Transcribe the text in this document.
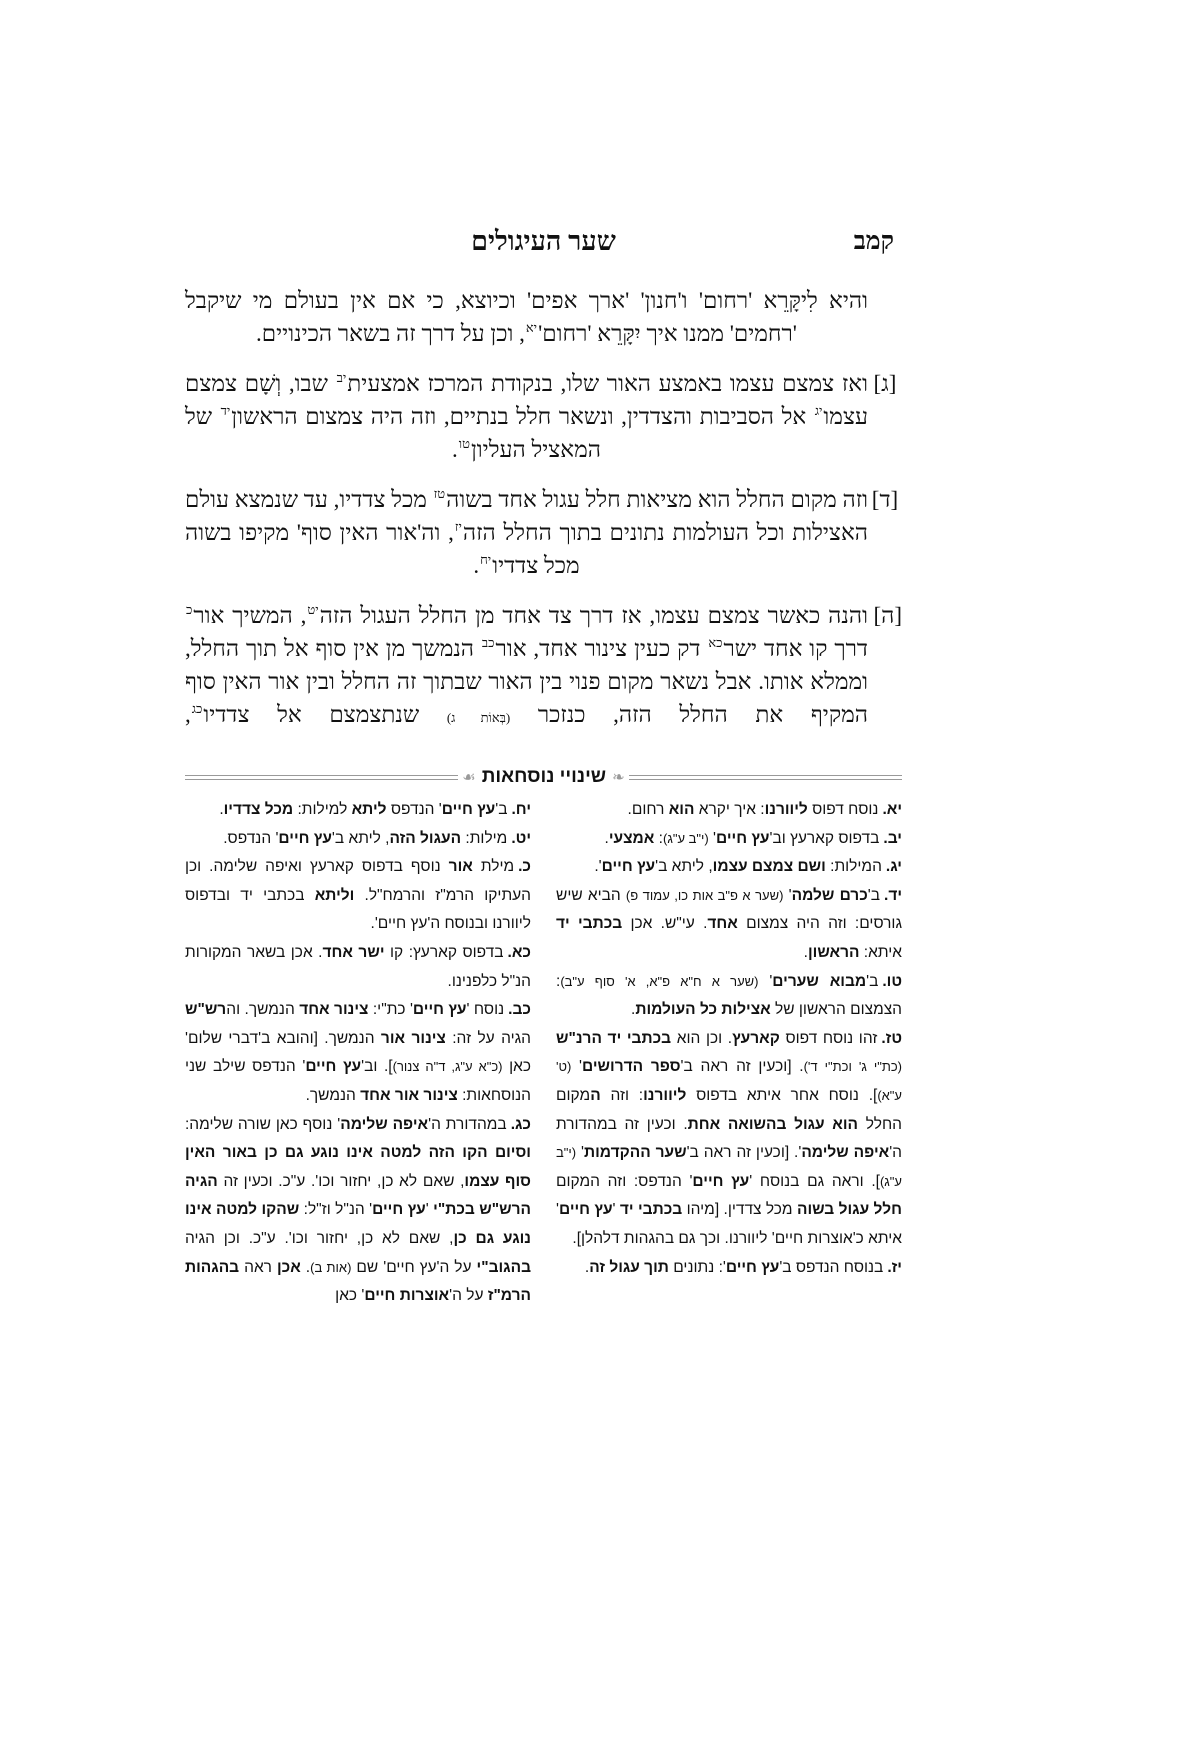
קמב
שער העיגולים

והיא לִיקָּרֵא 'רחום' ו'חנון' 'ארך אפים' וכיוצא, כי אם אין בעולם מי שיקבל 'רחמים' ממנו איך יִקָּרֵא '$רחום'^{יא}$, וכן על דרך זה בשאר הכינויים.

[ג]ואז צמצם עצמו באמצע האור שלו, בנקודת המרכז אמצעית$^{יב}$ שבו, וְשָׁם צמצם עצמו$^{יג}$ אל הסביבות והצדדין, ונשאר חלל בנתיים, וזה היה צמצום הראשון$^{יד}$ של המאציל העליון$^{טו}$.

[ד]וזה מקום החלל הוא מציאות חלל עגול אחד בשוה$^{טז}$ מכל צדדיו, עד שנמצא עולם האצילות וכל העולמות נתונים בתוך החלל הזה$^{יז}$, וה'אור האין סוף' מקיפו בשוה מכל צדדיו$^{יח}$.

[ה]והנה כאשר צמצם עצמו, אז דרך צד אחד מן החלל העגול הזה$^{יט}$, המשיך אור$^כ$ דרך קו אחד ישר$^{כא}$ דק כעין צינור אחד, אור$^{כב}$ הנמשך מן אין סוף אל תוך החלל, וממלא אותו. אבל נשאר מקום פנוי בין האור שבתוך זה החלל ובין אור האין סוף המקיף את החלל הזה, כנזכר (בְּאוֹת ג) שנתצמצם אל צדדיו$^{כג}$,

❧
שינויי נוסחאות
☙

יא.נוסח דפוס ליוורנו: איך יקרא הוא רחום.

יב.בדפוס קארעץ וב'עץ חיים' (י"ב ע"ג): אמצעי.

יג.המילות: ושם צמצם עצמו, ליתא ב'עץ חיים'.

יד.ב'כרם שלמה' (שער א פ"ב אות כו, עמוד פ) הביא שיש גורסים: וזה היה צמצום אחד. עי"ש. אכן בכתבי יד איתא: הראשון.

טו.ב'מבוא שערים' (שער א ח"א פ"א, א' סוף ע"ב): הצמצום הראשון של אצילות כל העולמות.

טז.זהו נוסח דפוס קארעץ. וכן הוא בכתבי יד הרנ"ש (כת"י ג' וכת"י ד'). [וכעין זה ראה ב'ספר הדרושים' (ט' ע"א)]. נוסח אחר איתא בדפוס ליוורנו: וזה המקום החלל הוא עגול בהשואה אחת. וכעין זה במהדורת ה'איפה שלימה'. [וכעין זה ראה ב'שער ההקדמות' (י"ב ע"ג)]. וראה גם בנוסח 'עץ חיים' הנדפס: וזה המקום חלל עגול בשוה מכל צדדין. [מיהו בכתבי יד 'עץ חיים' איתא כ'אוצרות חיים' ליוורנו. וכך גם בהגהות דלהלן].

יז.בנוסח הנדפס ב'עץ חיים': נתונים תוך עגול זה.

יח.ב'עץ חיים' הנדפס ליתא למילות: מכל צדדיו.

יט.מילות: העגול הזה, ליתא ב'עץ חיים' הנדפס.

כ.מילת אור נוסף בדפוס קארעץ ואיפה שלימה. וכן העתיקו הרמ"ז והרמח"ל. וליתא בכתבי יד ובדפוס ליוורנו ובנוסח ה'עץ חיים'.

כא.בדפוס קארעץ: קו ישר אחד. אכן בשאר המקורות הנ"ל כלפנינו.

כב.נוסח 'עץ חיים' כת"י: צינור אחד הנמשך. והרש"ש הגיה על זה: צינור אור הנמשך. [והובא ב'דברי שלום' כאן (כ"א ע"ג, ד"ה צנור)]. וב'עץ חיים' הנדפס שילב שני הנוסחאות: צינור אור אחד הנמשך.

כג.במהדורת ה'איפה שלימה' נוסף כאן שורה שלימה: וסיום הקו הזה למטה אינו נוגע גם כן באור האין סוף עצמו, שאם לא כן, יחזור וכו'. ע"כ. וכעין זה הגיה הרש"ש בכת"י 'עץ חיים' הנ"ל וז"ל: שהקו למטה אינו נוגע גם כן, שאם לא כן, יחזור וכו'. ע"כ. וכן הגיה בהגוב"י על ה'עץ חיים' שם (אות ב). אכן ראה בהגהות הרמ"ז על ה'אוצרות חיים' כאן
